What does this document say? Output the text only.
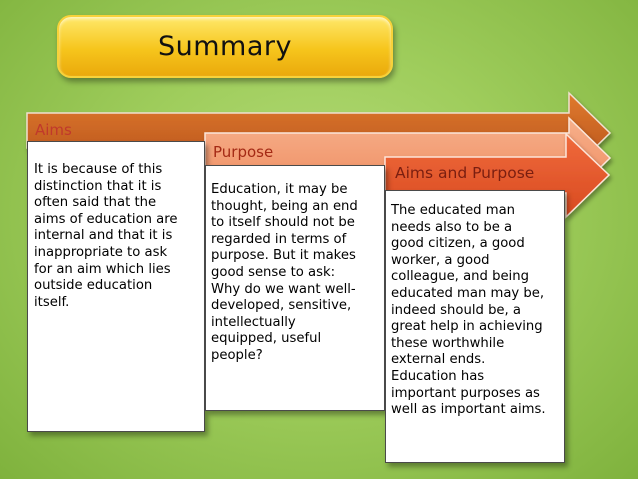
Summary
Aims
Purpose
Aims and Purpose

It is because of this
distinction that it is
often said that the
aims of education are
internal and that it is
inappropriate to ask
for an aim which lies
outside education
itself.

Education, it may be
thought, being an end
to itself should not be
regarded in terms of
purpose. But it makes
good sense to ask:
Why do we want well-
developed, sensitive,
intellectually
equipped, useful
people?

The educated man
needs also to be a
good citizen, a good
worker, a good
colleague, and being
educated man may be,
indeed should be, a
great help in achieving
these worthwhile
external ends.
Education has
important purposes as
well as important aims.
